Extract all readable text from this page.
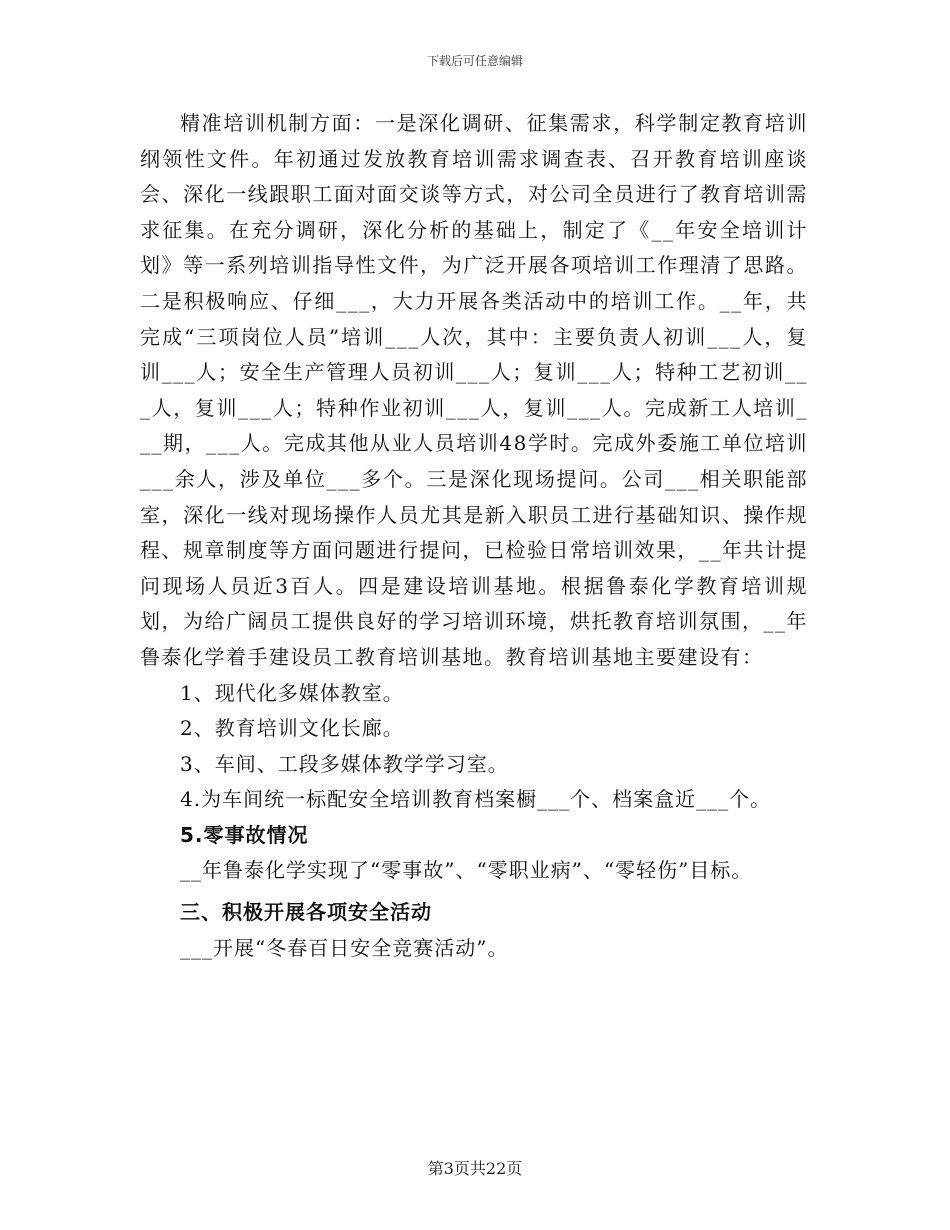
下载后可任意编辑

精准培训机制方面：一是深化调研、征集需求，科学制定教育培训纲领性文件。年初通过发放教育培训需求调查表、召开教育培训座谈会、深化一线跟职工面对面交谈等方式，对公司全员进行了教育培训需求征集。在充分调研，深化分析的基础上，制定了《__年安全培训计划》等一系列培训指导性文件，为广泛开展各项培训工作理清了思路。二是积极响应、仔细___，大力开展各类活动中的培训工作。__年，共完成“三项岗位人员”培训___人次，其中：主要负责人初训___人，复训___人；安全生产管理人员初训___人；复训___人；特种工艺初训___人，复训___人；特种作业初训___人，复训___人。完成新工人培训___期，___人。完成其他从业人员培训48学时。完成外委施工单位培训___余人，涉及单位___多个。三是深化现场提问。公司___相关职能部室，深化一线对现场操作人员尤其是新入职员工进行基础知识、操作规程、规章制度等方面问题进行提问，已检验日常培训效果，__年共计提问现场人员近3百人。四是建设培训基地。根据鲁泰化学教育培训规划，为给广阔员工提供良好的学习培训环境，烘托教育培训氛围，__年鲁泰化学着手建设员工教育培训基地。教育培训基地主要建设有：

1、现代化多媒体教室。

2、教育培训文化长廊。

3、车间、工段多媒体教学学习室。

4.为车间统一标配安全培训教育档案橱___个、档案盒近___个。

5.零事故情况

__年鲁泰化学实现了“零事故”、“零职业病”、“零轻伤”目标。

三、积极开展各项安全活动

___开展“冬春百日安全竞赛活动”。

第3页共22页
